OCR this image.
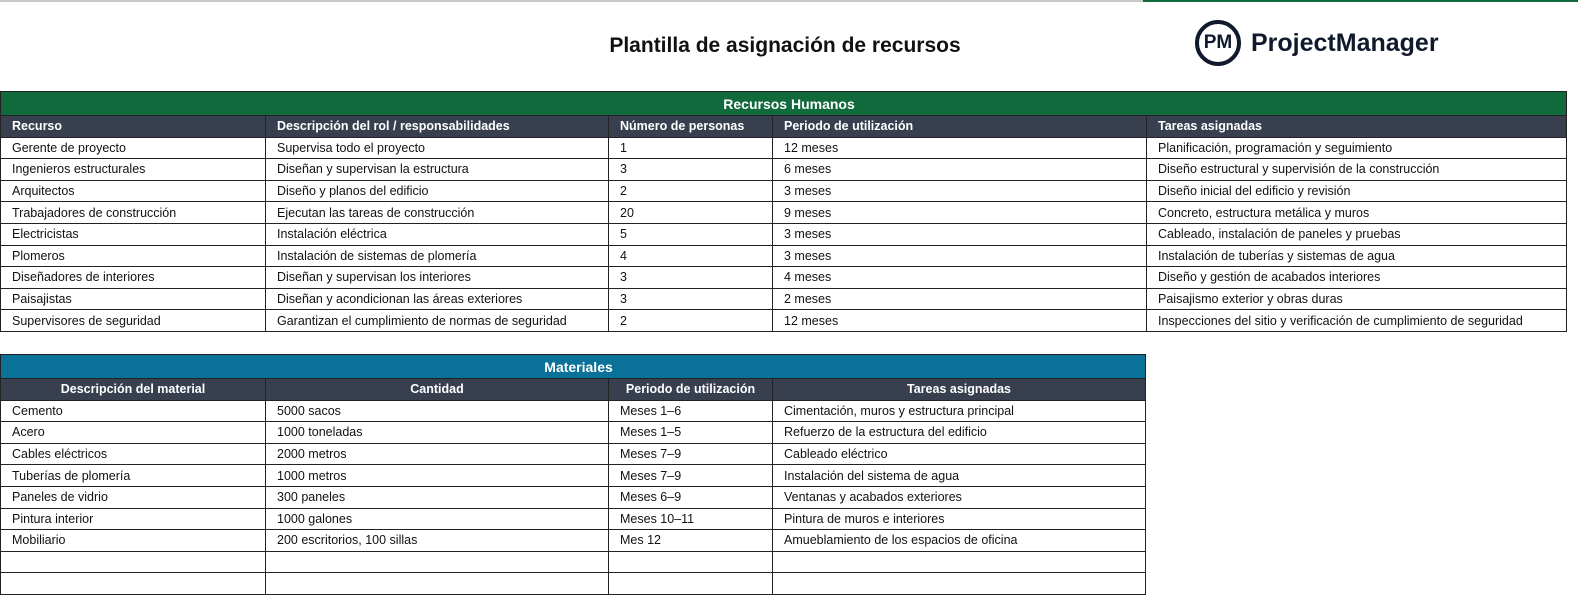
Plantilla de asignación de recursos	PM ProjectManager
Recursos Humanos				
Recurso	Descripción del rol / responsabilidades	Número de personas	Periodo de utilización	Tareas asignadas
Gerente de proyecto	Supervisa todo el proyecto	1	12 meses	Planificación, programación y seguimiento
Ingenieros estructurales	Diseñan y supervisan la estructura	3	6 meses	Diseño estructural y supervisión de la construcción
Arquitectos	Diseño y planos del edificio	2	3 meses	Diseño inicial del edificio y revisión
Trabajadores de construcción	Ejecutan las tareas de construcción	20	9 meses	Concreto, estructura metálica y muros
Electricistas	Instalación eléctrica	5	3 meses	Cableado, instalación de paneles y pruebas
Plomeros	Instalación de sistemas de plomería	4	3 meses	Instalación de tuberías y sistemas de agua
Diseñadores de interiores	Diseñan y supervisan los interiores	3	4 meses	Diseño y gestión de acabados interiores
Paisajistas	Diseñan y acondicionan las áreas exteriores	3	2 meses	Paisajismo exterior y obras duras
Supervisores de seguridad	Garantizan el cumplimiento de normas de seguridad	2	12 meses	Inspecciones del sitio y verificación de cumplimiento de seguridad
Materiales			
Descripción del material	Cantidad	Periodo de utilización	Tareas asignadas
Cemento	5000 sacos	Meses 1–6	Cimentación, muros y estructura principal
Acero	1000 toneladas	Meses 1–5	Refuerzo de la estructura del edificio
Cables eléctricos	2000 metros	Meses 7–9	Cableado eléctrico
Tuberías de plomería	1000 metros	Meses 7–9	Instalación del sistema de agua
Paneles de vidrio	300 paneles	Meses 6–9	Ventanas y acabados exteriores
Pintura interior	1000 galones	Meses 10–11	Pintura de muros e interiores
Mobiliario	200 escritorios, 100 sillas	Mes 12	Amueblamiento de los espacios de oficina
